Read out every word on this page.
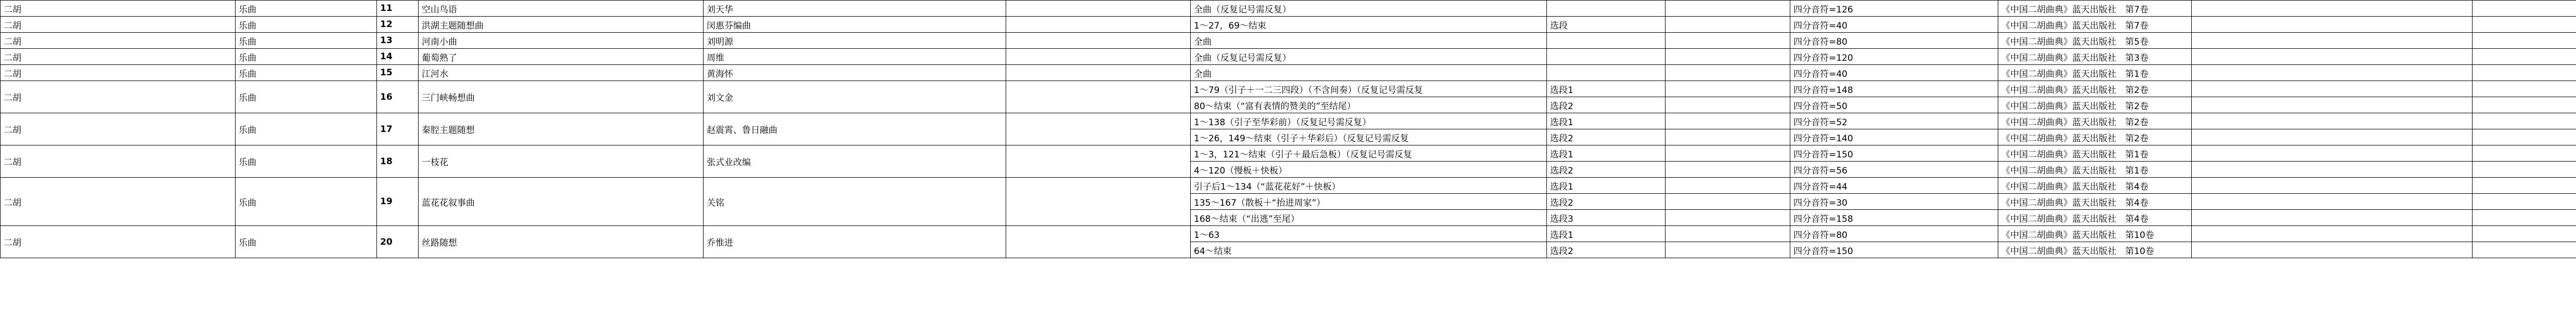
二胡	乐曲	11	空山鸟语	刘天华		全曲（反复记号需反复）			四分音符=126	《中国二胡曲典》蓝天出版社　第7卷		
二胡	乐曲	12	洪湖主题随想曲	闵惠芬编曲		1～27，69～结束	选段		四分音符=40	《中国二胡曲典》蓝天出版社　第7卷		
二胡	乐曲	13	河南小曲	刘明源		全曲			四分音符=80	《中国二胡曲典》蓝天出版社　第5卷		
二胡	乐曲	14	葡萄熟了	周维		全曲（反复记号需反复）			四分音符=120	《中国二胡曲典》蓝天出版社　第3卷		
二胡	乐曲	15	江河水	黄海怀		全曲			四分音符=40	《中国二胡曲典》蓝天出版社　第1卷		
二胡	乐曲	16	三门峡畅想曲	刘文金		1～79（引子＋一二三四段）（不含间奏）（反复记号需反复	选段1		四分音符=148	《中国二胡曲典》蓝天出版社　第2卷		
						80～结束（“富有表情的赞美的”至结尾）	选段2		四分音符=50	《中国二胡曲典》蓝天出版社　第2卷		
二胡	乐曲	17	秦腔主题随想	赵震霄、鲁日融曲		1～138（引子至华彩前）（反复记号需反复）	选段1		四分音符=52	《中国二胡曲典》蓝天出版社　第2卷		
						1～26，149～结束（引子＋华彩后）（反复记号需反复	选段2		四分音符=140	《中国二胡曲典》蓝天出版社　第2卷		
二胡	乐曲	18	一枝花	张式业改编		1～3，121～结束（引子＋最后急板）（反复记号需反复	选段1		四分音符=150	《中国二胡曲典》蓝天出版社　第1卷		
						4～120（慢板＋快板）	选段2		四分音符=56	《中国二胡曲典》蓝天出版社　第1卷		
二胡	乐曲	19	蓝花花叙事曲	关铭		引子后1～134（“蓝花花好”＋快板）	选段1		四分音符=44	《中国二胡曲典》蓝天出版社　第4卷		
						135～167（散板＋“抬进周家”）	选段2		四分音符=30	《中国二胡曲典》蓝天出版社　第4卷		
						168～结束（“出逃”至尾）	选段3		四分音符=158	《中国二胡曲典》蓝天出版社　第4卷		
二胡	乐曲	20	丝路随想	乔惟进		1～63	选段1		四分音符=80	《中国二胡曲典》蓝天出版社　第10卷		
						64～结束	选段2		四分音符=150	《中国二胡曲典》蓝天出版社　第10卷		
